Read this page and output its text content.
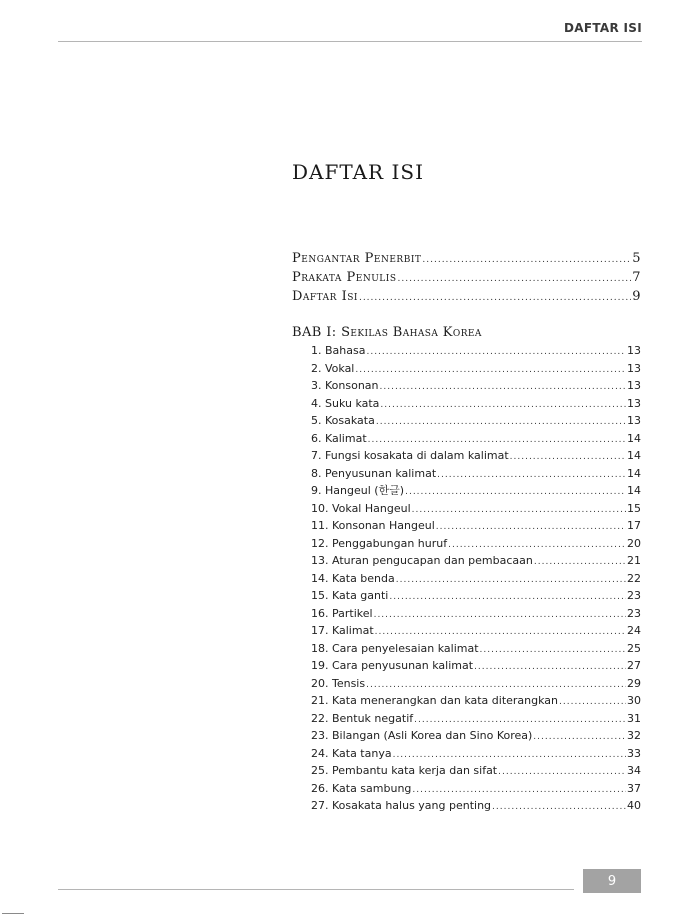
DAFTAR ISI
DAFTAR ISI
Pengantar Penerbit .....	5
Prakata Penulis .....	7
Daftar Isi .....	9
BAB I: Sekilas Bahasa Korea
1. Bahasa .....	13
2. Vokal .....	13
3. Konsonan .....	13
4. Suku kata .....	13
5. Kosakata .....	13
6. Kalimat .....	14
7. Fungsi kosakata di dalam kalimat .....	14
8. Penyusunan kalimat .....	14
9. Hangeul (한글) .....	14
10. Vokal Hangeul .....	15
11. Konsonan Hangeul .....	17
12. Penggabungan huruf .....	20
13. Aturan pengucapan dan pembacaan .....	21
14. Kata benda .....	22
15. Kata ganti .....	23
16. Partikel .....	23
17. Kalimat .....	24
18. Cara penyelesaian kalimat .....	25
19. Cara penyusunan kalimat .....	27
20. Tensis .....	29
21. Kata menerangkan dan kata diterangkan .....	30
22. Bentuk negatif .....	31
23. Bilangan (Asli Korea dan Sino Korea) .....	32
24. Kata tanya .....	33
25. Pembantu kata kerja dan sifat .....	34
26. Kata sambung .....	37
27. Kosakata halus yang penting .....	40
9
